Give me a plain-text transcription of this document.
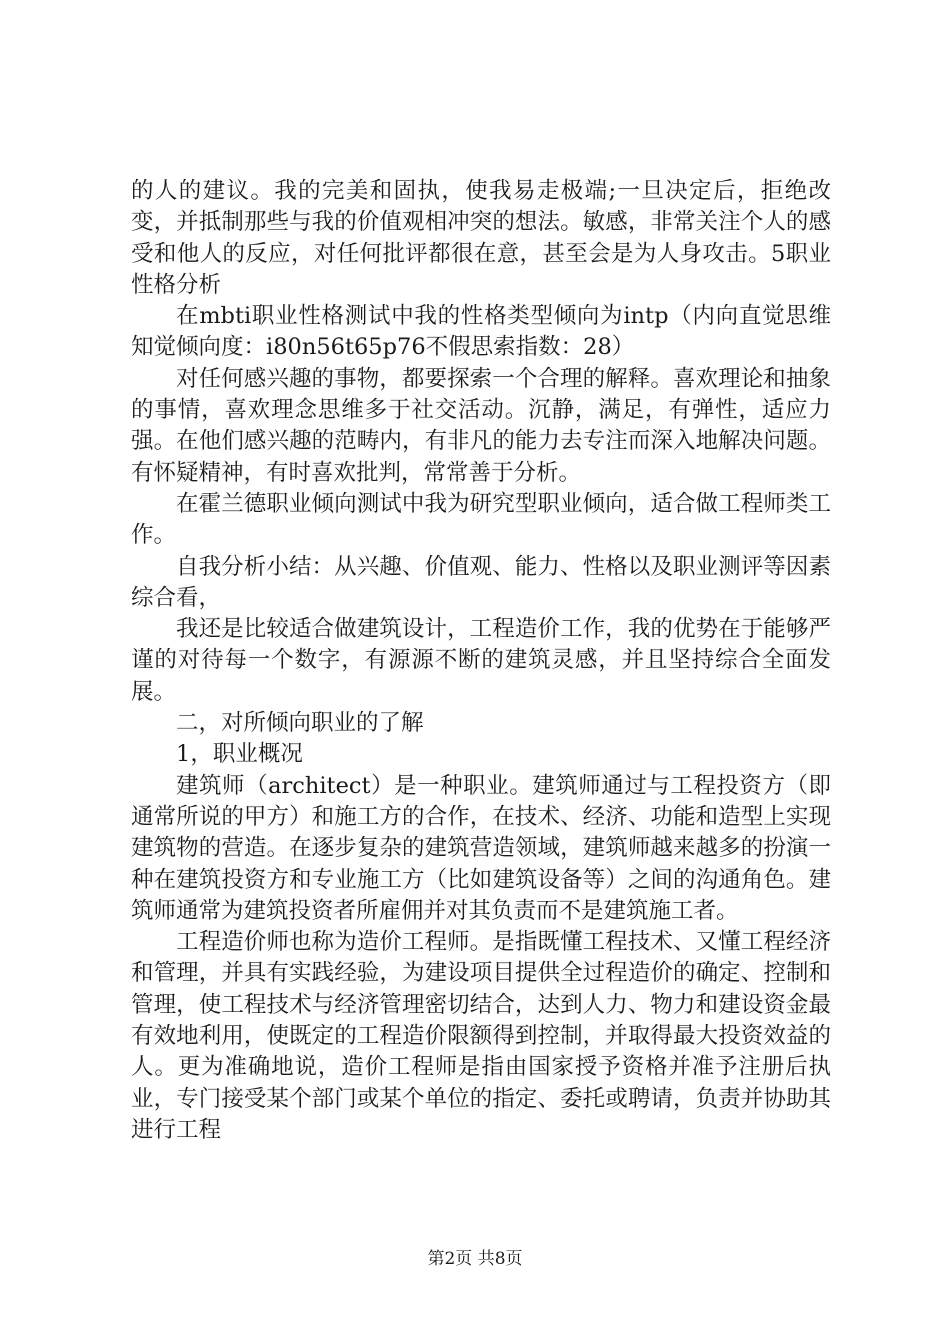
的人的建议。我的完美和固执，使我易走极端;一旦决定后，拒绝改变，并抵制那些与我的价值观相冲突的想法。敏感，非常关注个人的感受和他人的反应，对任何批评都很在意，甚至会是为人身攻击。5职业性格分析

在mbti职业性格测试中我的性格类型倾向为intp（内向直觉思维知觉倾向度：i80n56t65p76不假思索指数：28）

对任何感兴趣的事物，都要探索一个合理的解释。喜欢理论和抽象的事情，喜欢理念思维多于社交活动。沉静，满足，有弹性，适应力强。在他们感兴趣的范畴内，有非凡的能力去专注而深入地解决问题。有怀疑精神，有时喜欢批判，常常善于分析。

在霍兰德职业倾向测试中我为研究型职业倾向，适合做工程师类工作。

自我分析小结：从兴趣、价值观、能力、性格以及职业测评等因素综合看，

我还是比较适合做建筑设计，工程造价工作，我的优势在于能够严谨的对待每一个数字，有源源不断的建筑灵感，并且坚持综合全面发展。

二，对所倾向职业的了解

1，职业概况

建筑师（architect）是一种职业。建筑师通过与工程投资方（即通常所说的甲方）和施工方的合作，在技术、经济、功能和造型上实现建筑物的营造。在逐步复杂的建筑营造领域，建筑师越来越多的扮演一种在建筑投资方和专业施工方（比如建筑设备等）之间的沟通角色。建筑师通常为建筑投资者所雇佣并对其负责而不是建筑施工者。

工程造价师也称为造价工程师。是指既懂工程技术、又懂工程经济和管理，并具有实践经验，为建设项目提供全过程造价的确定、控制和管理，使工程技术与经济管理密切结合，达到人力、物力和建设资金最有效地利用，使既定的工程造价限额得到控制，并取得最大投资效益的人。更为准确地说，造价工程师是指由国家授予资格并准予注册后执业，专门接受某个部门或某个单位的指定、委托或聘请，负责并协助其进行工程

第2页 共8页
